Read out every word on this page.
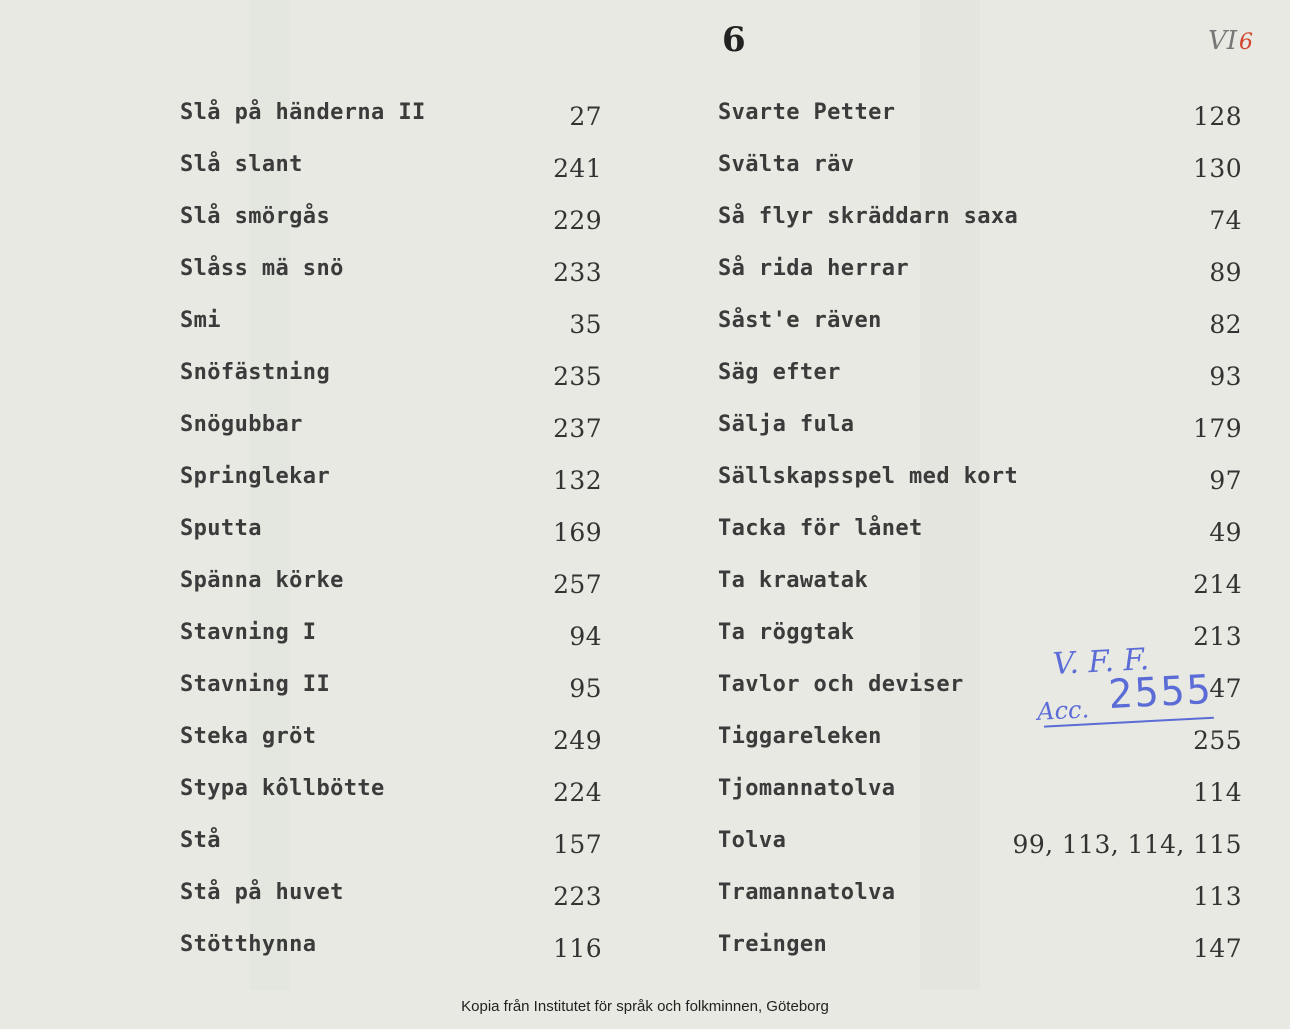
6	VI6
Slå på händerna II	27
Slå slant	241
Slå smörgås	229
Slåss mä snö	233
Smi	35
Snöfästning	235
Snögubbar	237
Springlekar	132
Sputta	169
Spänna körke	257
Stavning I	94
Stavning II	95
Steka gröt	249
Stypa kôllbötte	224
Stå	157
Stå på huvet	223
Stötthynna	116
Svarte Petter	128
Svälta räv	130
Så flyr skräddarn saxa	74
Så rida herrar	89
Såst'e räven	82
Säg efter	93
Sälja fula	179
Sällskapsspel med kort	97
Tacka för lånet	49
Ta krawatak	214
Ta röggtak	213
Tavlor och deviser	47
Tiggareleken	255
Tjomannatolva	114
Tolva	99, 113, 114, 115
Tramannatolva	113
Treingen	147
V. F. F.
2555
Acc.
Kopia från Institutet för språk och folkminnen, Göteborg
